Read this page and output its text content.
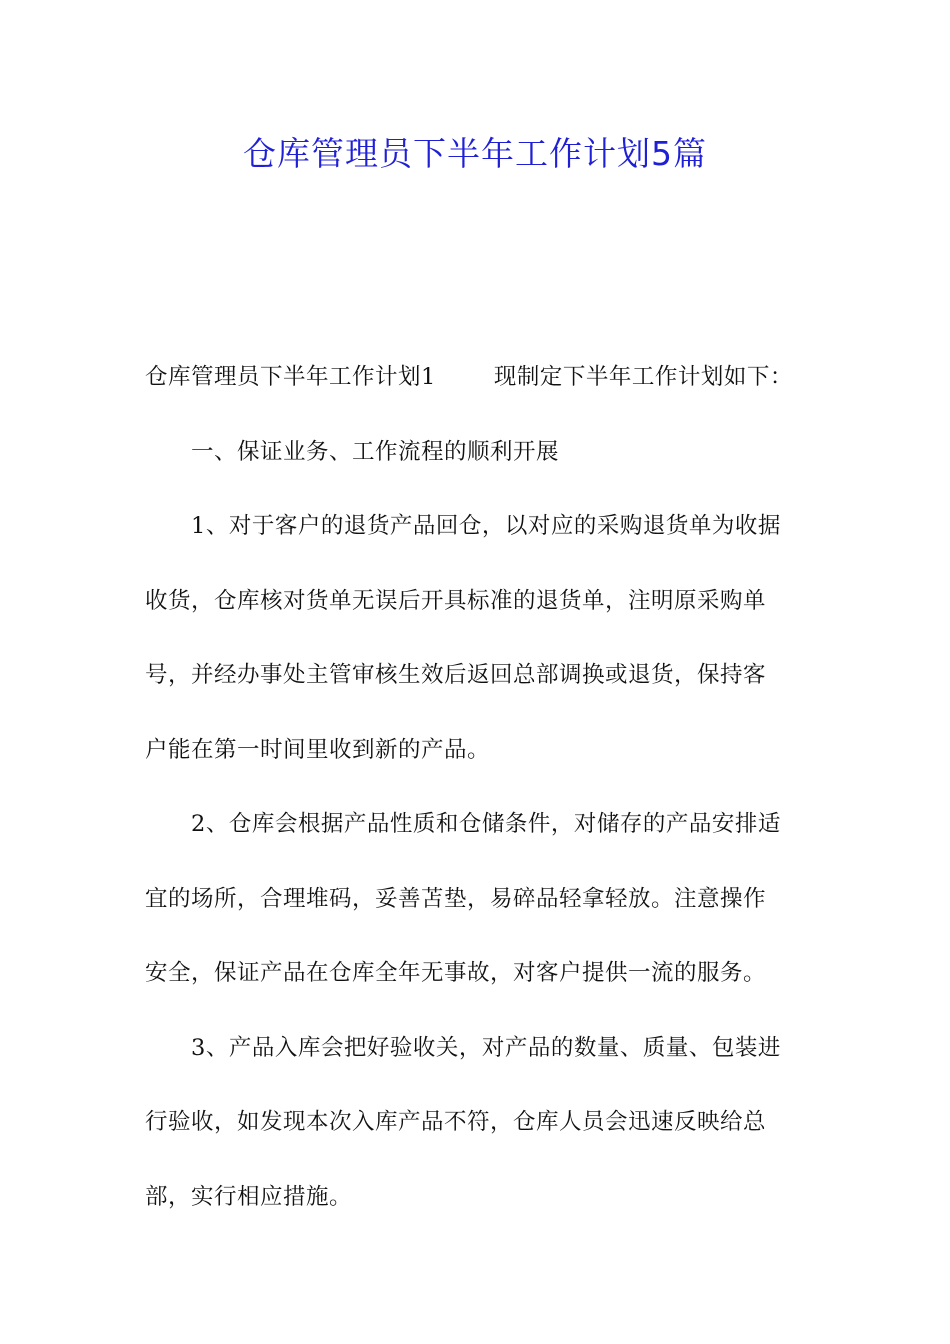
仓库管理员下半年工作计划5篇
仓库管理员下半年工作计划1	现制定下半年工作计划如下：
一、保证业务、工作流程的顺利开展
1、对于客户的退货产品回仓，以对应的采购退货单为收据
收货，仓库核对货单无误后开具标准的退货单，注明原采购单
号，并经办事处主管审核生效后返回总部调换或退货，保持客
户能在第一时间里收到新的产品。
2、仓库会根据产品性质和仓储条件，对储存的产品安排适
宜的场所，合理堆码，妥善苫垫，易碎品轻拿轻放。注意操作
安全，保证产品在仓库全年无事故，对客户提供一流的服务。
3、产品入库会把好验收关，对产品的数量、质量、包装进
行验收，如发现本次入库产品不符，仓库人员会迅速反映给总
部，实行相应措施。
